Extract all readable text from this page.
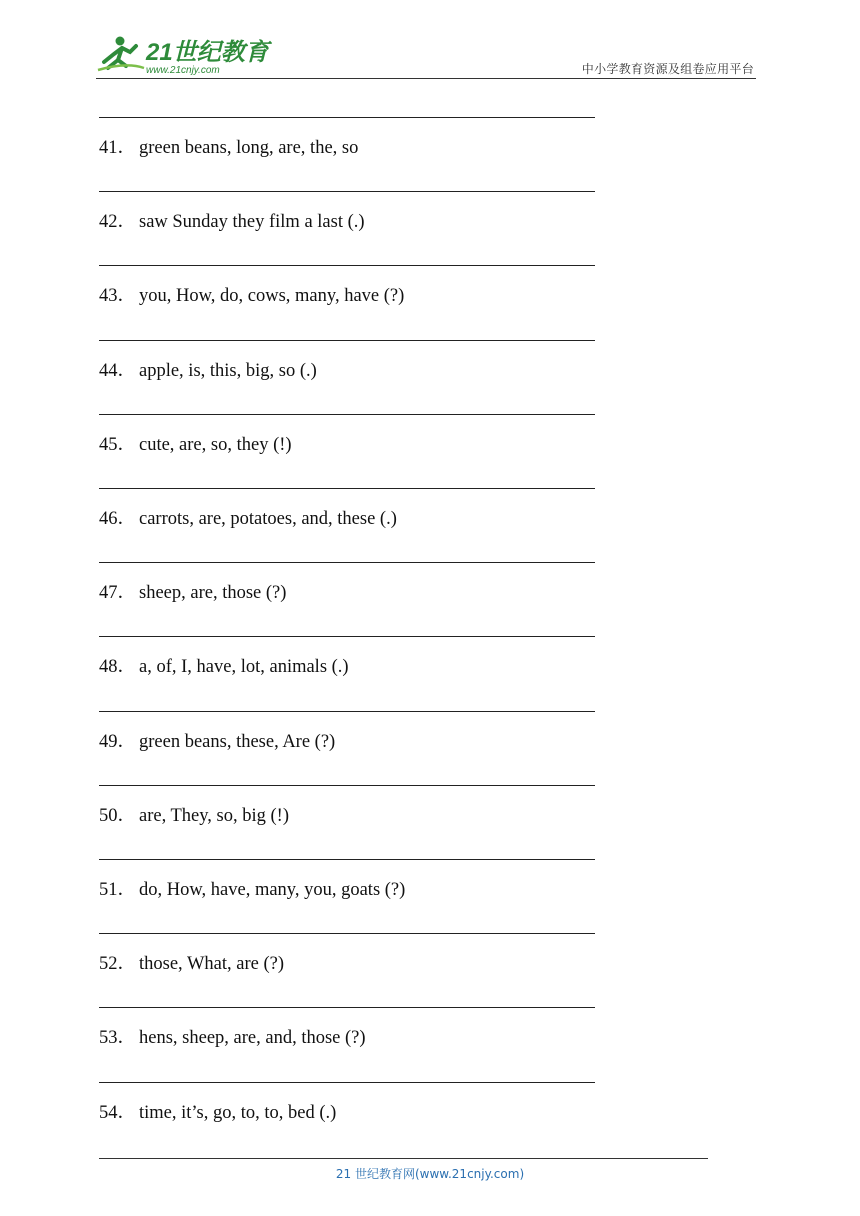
21世纪教育
www.21cnjy.com	中小学教育资源及组卷应用平台
41． green beans, long, are, the, so
42． saw Sunday they film a last (.)
43． you, How, do, cows, many, have (?)
44． apple, is, this, big, so (.)
45． cute, are, so, they (!)
46． carrots, are, potatoes, and, these (.)
47． sheep, are, those (?)
48． a, of, I, have, lot, animals (.)
49． green beans, these, Are (?)
50． are, They, so, big (!)
51． do, How, have, many, you, goats (?)
52． those, What, are (?)
53． hens, sheep, are, and, those (?)
54． time, it’s, go, to, to, bed (.)
21 世纪教育网(www.21cnjy.com)
